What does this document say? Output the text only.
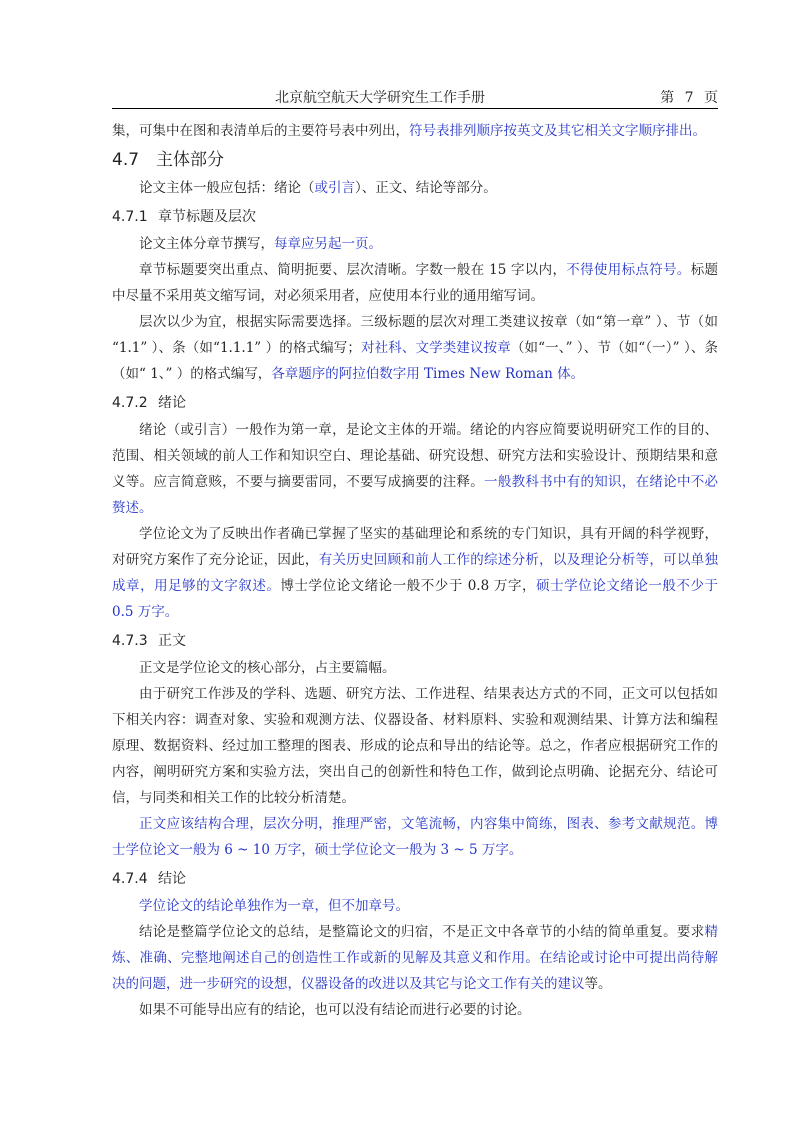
北京航空航天大学研究生工作手册	第 7 页

集，可集中在图和表清单后的主要符号表中列出，符号表排列顺序按英文及其它相关文字顺序排出。

4.7 主体部分

论文主体一般应包括：绪论（或引言）、正文、结论等部分。

4.7.1 章节标题及层次

论文主体分章节撰写，每章应另起一页。

章节标题要突出重点、简明扼要、层次清晰。字数一般在 15 字以内，不得使用标点符号。标题中尽量不采用英文缩写词，对必须采用者，应使用本行业的通用缩写词。

层次以少为宜，根据实际需要选择。三级标题的层次对理工类建议按章（如“第一章” ）、节（如 “1.1” ）、条（如“1.1.1” ）的格式编写；对社科、文学类建议按章（如“一、” ）、节（如“（一）” ）、条（如“ 1、” ）的格式编写，各章题序的阿拉伯数字用 Times New Roman 体。

4.7.2 绪论

绪论（或引言）一般作为第一章，是论文主体的开端。绪论的内容应简要说明研究工作的目的、范围、相关领域的前人工作和知识空白、理论基础、研究设想、研究方法和实验设计、预期结果和意义等。应言简意赅，不要与摘要雷同，不要写成摘要的注释。一般教科书中有的知识，在绪论中不必赘述。

学位论文为了反映出作者确已掌握了坚实的基础理论和系统的专门知识，具有开阔的科学视野，对研究方案作了充分论证，因此，有关历史回顾和前人工作的综述分析，以及理论分析等，可以单独成章，用足够的文字叙述。博士学位论文绪论一般不少于 0.8 万字，硕士学位论文绪论一般不少于 0.5 万字。

4.7.3 正文

正文是学位论文的核心部分，占主要篇幅。

由于研究工作涉及的学科、选题、研究方法、工作进程、结果表达方式的不同，正文可以包括如下相关内容：调查对象、实验和观测方法、仪器设备、材料原料、实验和观测结果、计算方法和编程原理、数据资料、经过加工整理的图表、形成的论点和导出的结论等。总之，作者应根据研究工作的内容，阐明研究方案和实验方法，突出自己的创新性和特色工作，做到论点明确、论据充分、结论可信，与同类和相关工作的比较分析清楚。

正文应该结构合理，层次分明，推理严密，文笔流畅，内容集中简练，图表、参考文献规范。博士学位论文一般为 6 ~ 10 万字，硕士学位论文一般为 3 ~ 5 万字。

4.7.4 结论

学位论文的结论单独作为一章，但不加章号。

结论是整篇学位论文的总结，是整篇论文的归宿，不是正文中各章节的小结的简单重复。要求精炼、准确、完整地阐述自己的创造性工作或新的见解及其意义和作用。在结论或讨论中可提出尚待解决的问题，进一步研究的设想，仪器设备的改进以及其它与论文工作有关的建议等。

如果不可能导出应有的结论，也可以没有结论而进行必要的讨论。
